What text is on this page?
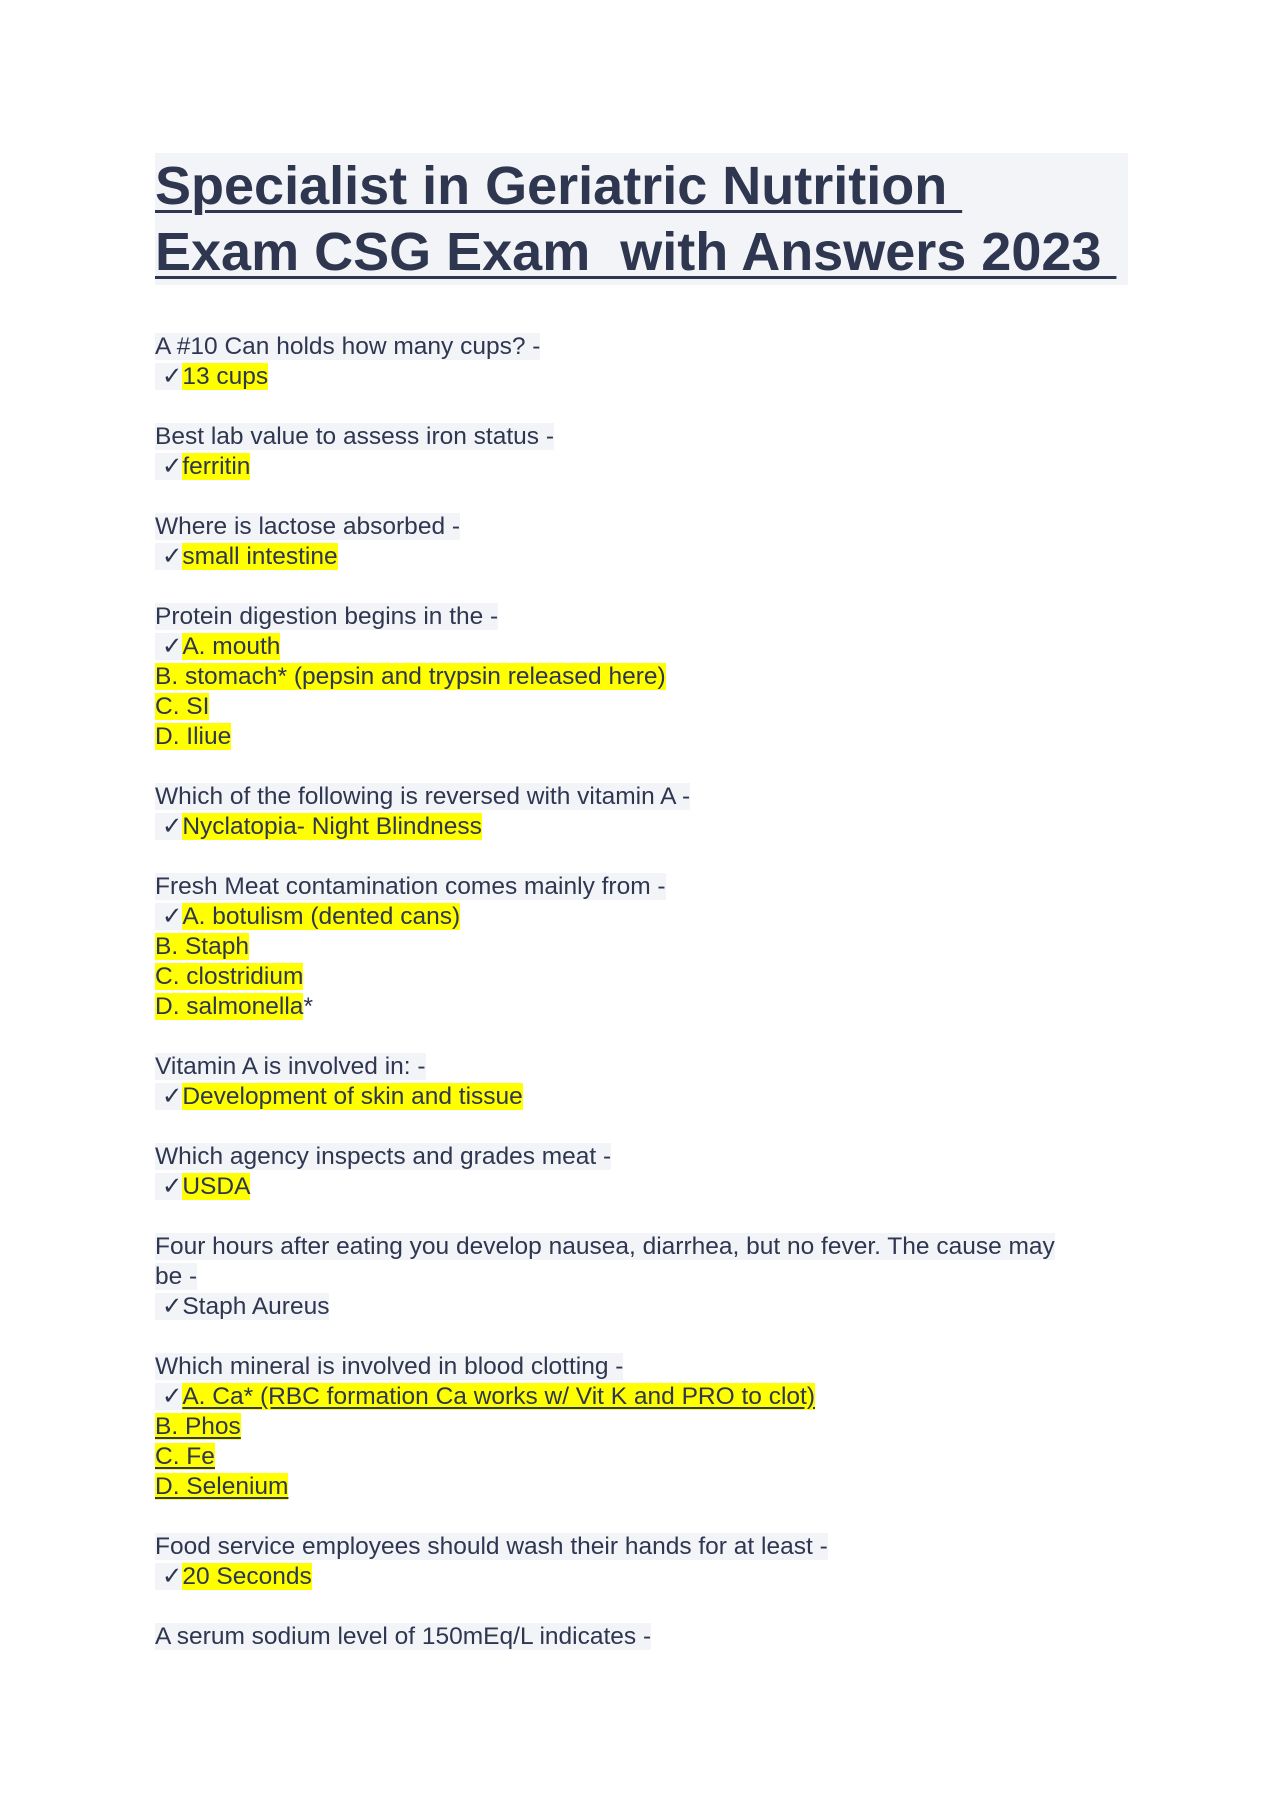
Specialist in Geriatric Nutrition
Exam CSG Exam  with Answers 2023
A #10 Can holds how many cups? -
✓13 cups
Best lab value to assess iron status -
✓ferritin
Where is lactose absorbed -
✓small intestine
Protein digestion begins in the -
✓A. mouth
B. stomach* (pepsin and trypsin released here)
C. SI
D. Iliue
Which of the following is reversed with vitamin A -
✓Nyclatopia- Night Blindness
Fresh Meat contamination comes mainly from -
✓A. botulism (dented cans)
B. Staph
C. clostridium
D. salmonella*
Vitamin A is involved in: -
✓Development of skin and tissue
Which agency inspects and grades meat -
✓USDA
Four hours after eating you develop nausea, diarrhea, but no fever. The cause may
be -
✓Staph Aureus
Which mineral is involved in blood clotting -
✓A. Ca* (RBC formation Ca works w/ Vit K and PRO to clot)
B. Phos
C. Fe
D. Selenium
Food service employees should wash their hands for at least -
✓20 Seconds
A serum sodium level of 150mEq/L indicates -
